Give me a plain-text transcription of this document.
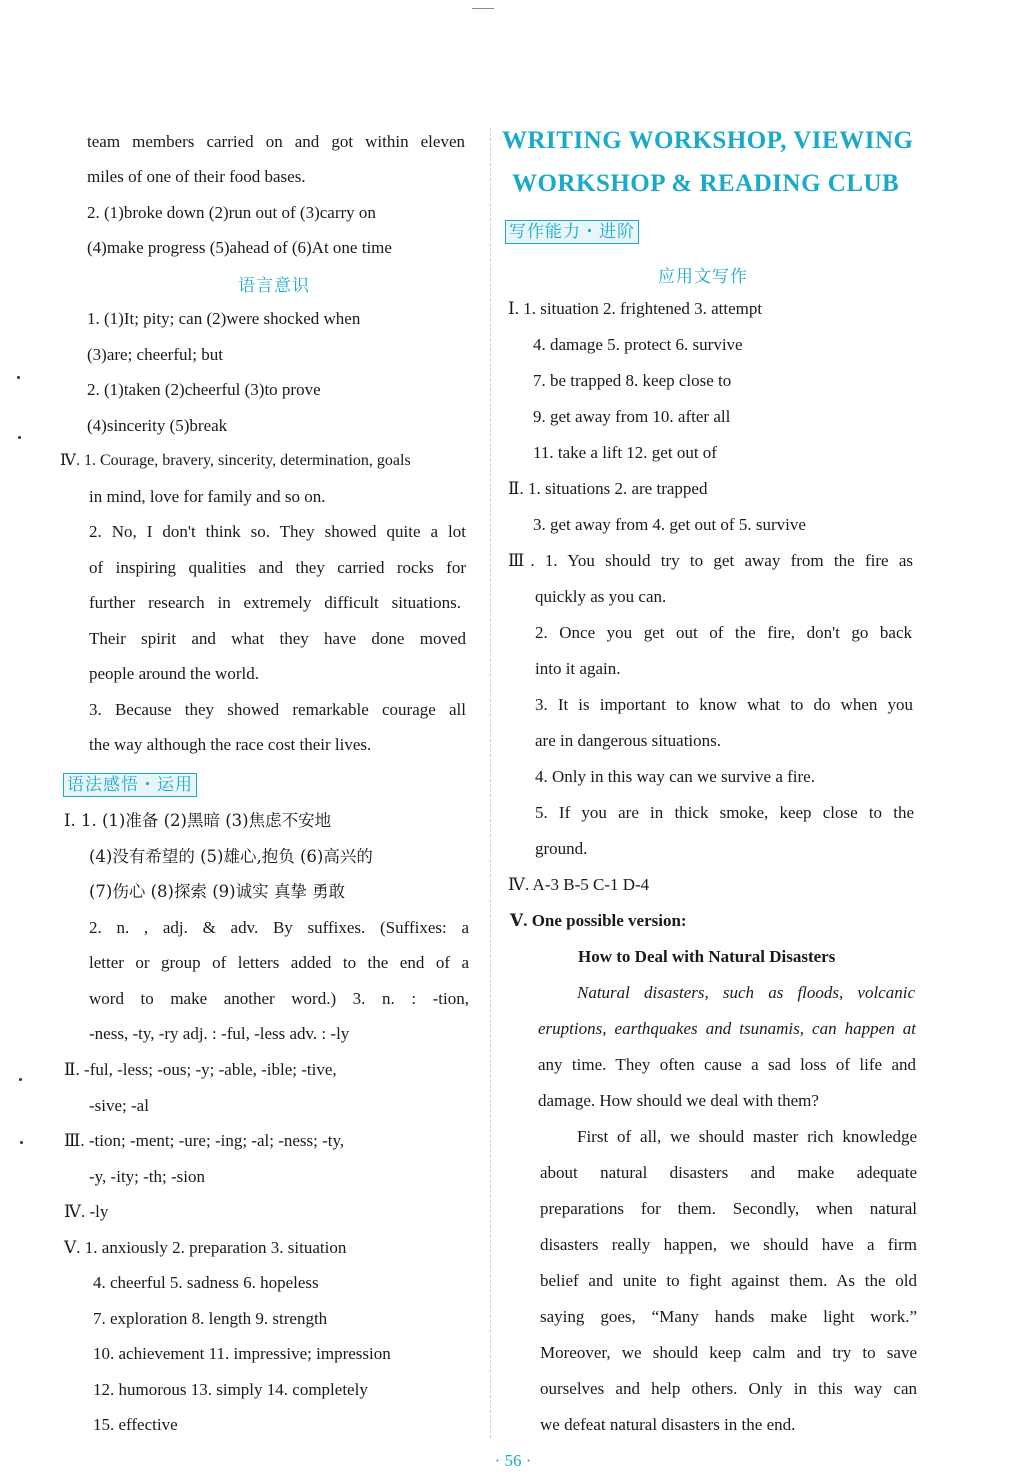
team members carried on and got within eleven
miles of one of their food bases.
2. (1)broke down (2)run out of (3)carry on
(4)make progress (5)ahead of (6)At one time
语言意识
1. (1)It; pity; can (2)were shocked when
(3)are; cheerful; but
2. (1)taken (2)cheerful (3)to prove
(4)sincerity (5)break
Ⅳ. 1. Courage, bravery, sincerity, determination, goals
in mind, love for family and so on.
2. No, I don't think so. They showed quite a lot
of inspiring qualities and they carried rocks for
further research in extremely difficult situations.
Their spirit and what they have done moved
people around the world.
3. Because they showed remarkable courage all
the way although the race cost their lives.
语法感悟・运用
Ⅰ. 1. (1)准备 (2)黑暗 (3)焦虑不安地
(4)没有希望的 (5)雄心,抱负 (6)高兴的
(7)伤心 (8)探索 (9)诚实 真挚 勇敢
2. n. , adj. & adv. By suffixes. (Suffixes: a
letter or group of letters added to the end of a
word to make another word.) 3. n. : -tion,
-ness, -ty, -ry adj. : -ful, -less adv. : -ly
Ⅱ. -ful, -less; -ous; -y; -able, -ible; -tive,
-sive; -al
Ⅲ. -tion; -ment; -ure; -ing; -al; -ness; -ty,
-y, -ity; -th; -sion
Ⅳ. -ly
Ⅴ. 1. anxiously 2. preparation 3. situation
4. cheerful 5. sadness 6. hopeless
7. exploration 8. length 9. strength
10. achievement 11. impressive; impression
12. humorous 13. simply 14. completely
15. effective
WRITING WORKSHOP, VIEWING
WORKSHOP & READING CLUB
写作能力・进阶
应用文写作
Ⅰ. 1. situation 2. frightened 3. attempt
4. damage 5. protect 6. survive
7. be trapped 8. keep close to
9. get away from 10. after all
11. take a lift 12. get out of
Ⅱ. 1. situations 2. are trapped
3. get away from 4. get out of 5. survive
Ⅲ. 1. You should try to get away from the fire as
quickly as you can.
2. Once you get out of the fire, don't go back
into it again.
3. It is important to know what to do when you
are in dangerous situations.
4. Only in this way can we survive a fire.
5. If you are in thick smoke, keep close to the
ground.
Ⅳ. A-3 B-5 C-1 D-4
Ⅴ. One possible version:
How to Deal with Natural Disasters
Natural disasters, such as floods, volcanic
eruptions, earthquakes and tsunamis, can happen at
any time. They often cause a sad loss of life and
damage. How should we deal with them?
First of all, we should master rich knowledge
about natural disasters and make adequate
preparations for them. Secondly, when natural
disasters really happen, we should have a firm
belief and unite to fight against them. As the old
saying goes, “Many hands make light work.”
Moreover, we should keep calm and try to save
ourselves and help others. Only in this way can
we defeat natural disasters in the end.
· 56 ·
